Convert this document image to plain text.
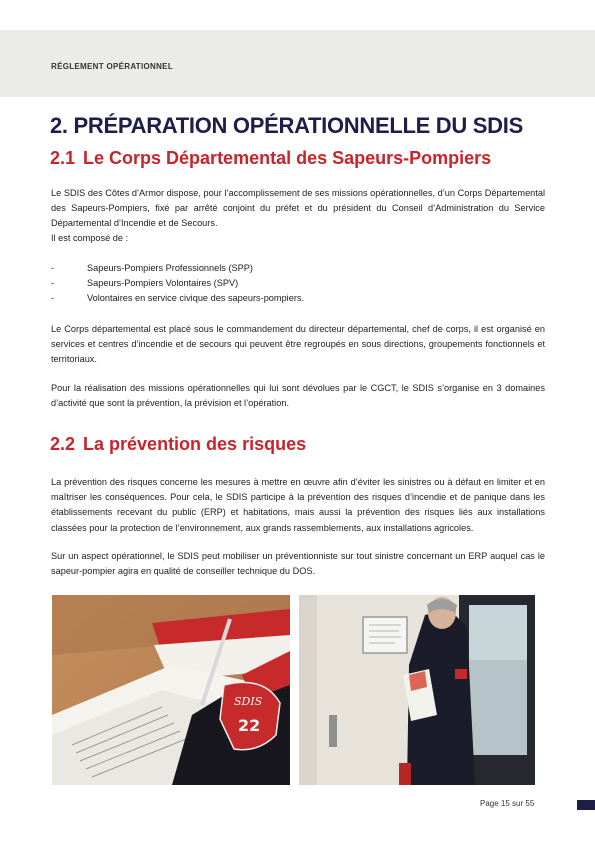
RÉGLEMENT OPÉRATIONNEL
2. PRÉPARATION OPÉRATIONNELLE DU SDIS
2.1 Le Corps Départemental des Sapeurs-Pompiers
Le SDIS des Côtes d’Armor dispose, pour l’accomplissement de ses missions opérationnelles, d’un Corps Départemental des Sapeurs-Pompiers, fixé par arrêté conjoint du préfet et du président du Conseil d’Administration du Service Départemental d’Incendie et de Secours.
Il est composé de :
-	Sapeurs-Pompiers Professionnels (SPP)
-	Sapeurs-Pompiers Volontaires (SPV)
-	Volontaires en service civique des sapeurs-pompiers.
Le Corps départemental est placé sous le commandement du directeur départemental, chef de corps, il est organisé en services et centres d’incendie et de secours qui peuvent être regroupés en sous directions, groupements fonctionnels et territoriaux.
Pour la réalisation des missions opérationnelles qui lui sont dévolues par le CGCT, le SDIS s’organise en 3 domaines d’activité que sont la prévention, la prévision et l’opération.
2.2 La prévention des risques
La prévention des risques concerne les mesures à mettre en œuvre afin d’éviter les sinistres ou à défaut en limiter et en maîtriser les conséquences. Pour cela, le SDIS participe à la prévention des risques d’incendie et de panique dans les établissements recevant du public (ERP) et habitations, mais aussi la prévention des risques liés aux installations classées pour la protection de l’environnement, aux grands rassemblements, aux installations agricoles.
Sur un aspect opérationnel, le SDIS peut mobiliser un préventionniste sur tout sinistre concernant un ERP auquel cas le sapeur-pompier agira en qualité de conseiller technique du DOS.
SDIS
22
Page 15 sur 55
